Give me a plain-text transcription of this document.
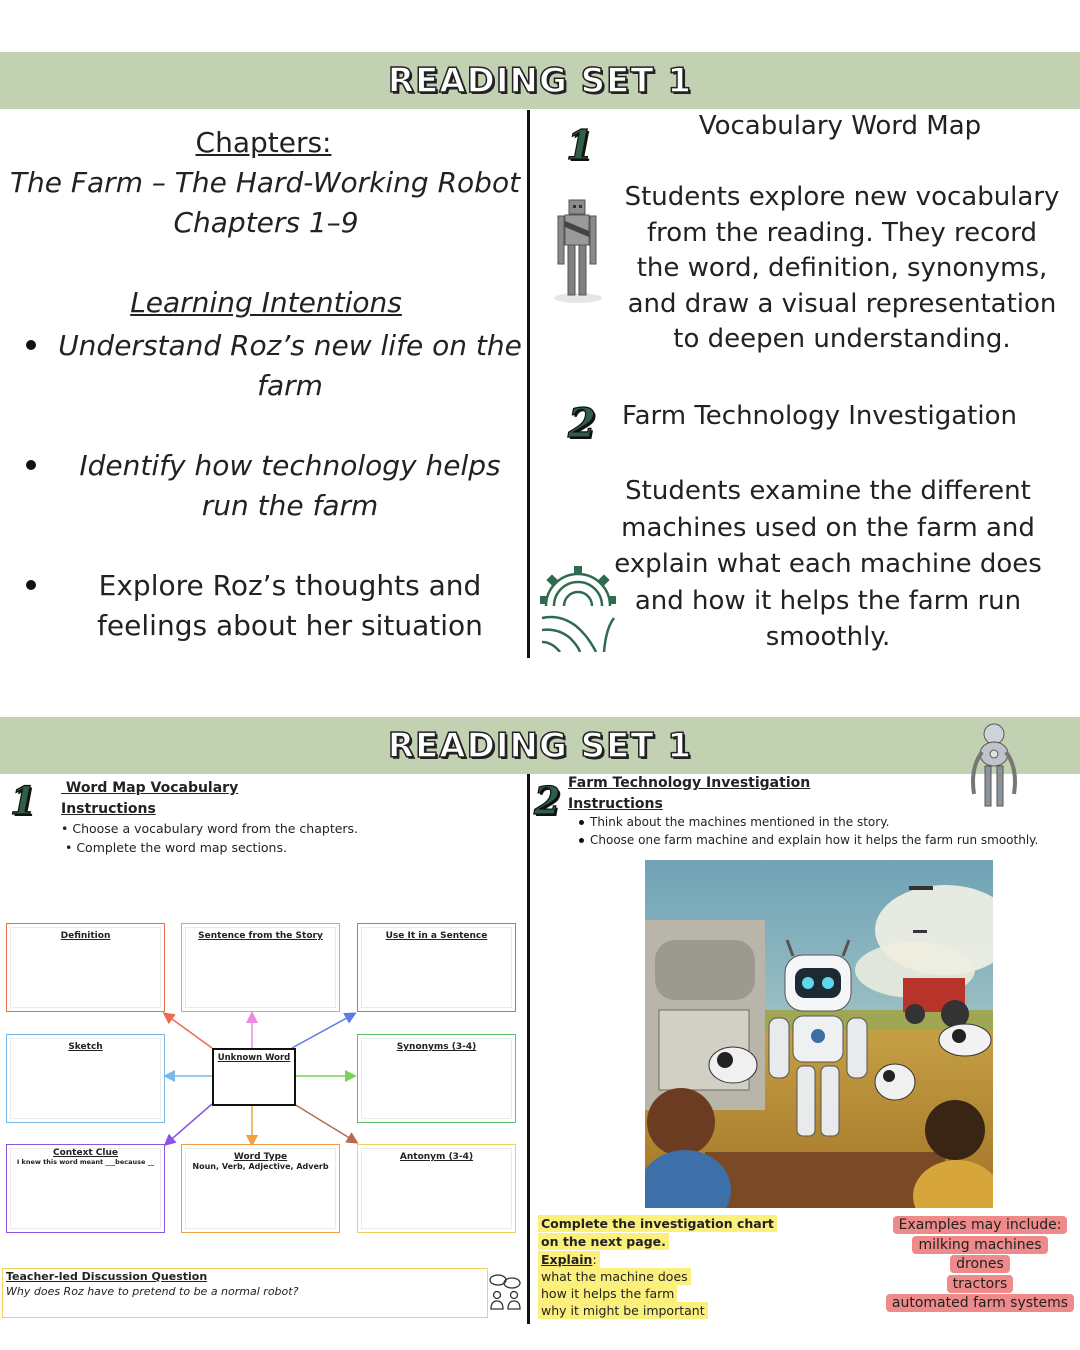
READING SET 1
Chapters:
The Farm – The Hard-Working Robot
Chapters 1–9
Learning Intentions
Understand Roz’s new life on the farm
Identify how technology helps run the farm
Explore Roz’s thoughts and feelings about her situation
1	Vocabulary Word Map
Students explore new vocabulary from the reading. They record the word, definition, synonyms, and draw a visual representation to deepen understanding.
2 Farm Technology Investigation
Students examine the different machines used on the farm and explain what each machine does and how it helps the farm run smoothly.
READING SET 1
1 Word Map Vocabulary
Instructions
• Choose a vocabulary word from the chapters.
• Complete the word map sections.
Definition	Sentence from the Story	Use It in a Sentence
Sketch
Unknown Word
Synonyms (3-4)
Context Clue
I knew this word meant ___because __	Word Type
Noun, Verb, Adjective, Adverb
Antonym (3-4)
Teacher-led Discussion Question
Why does Roz have to pretend to be a normal robot?
2 Farm Technology Investigation
Instructions
Think about the machines mentioned in the story.
Choose one farm machine and explain how it helps the farm run smoothly.
Complete the investigation chart
on the next page.
Explain:
what the machine does
how it helps the farm
why it might be important
Examples may include:
milking machines
drones
tractors
automated farm systems
